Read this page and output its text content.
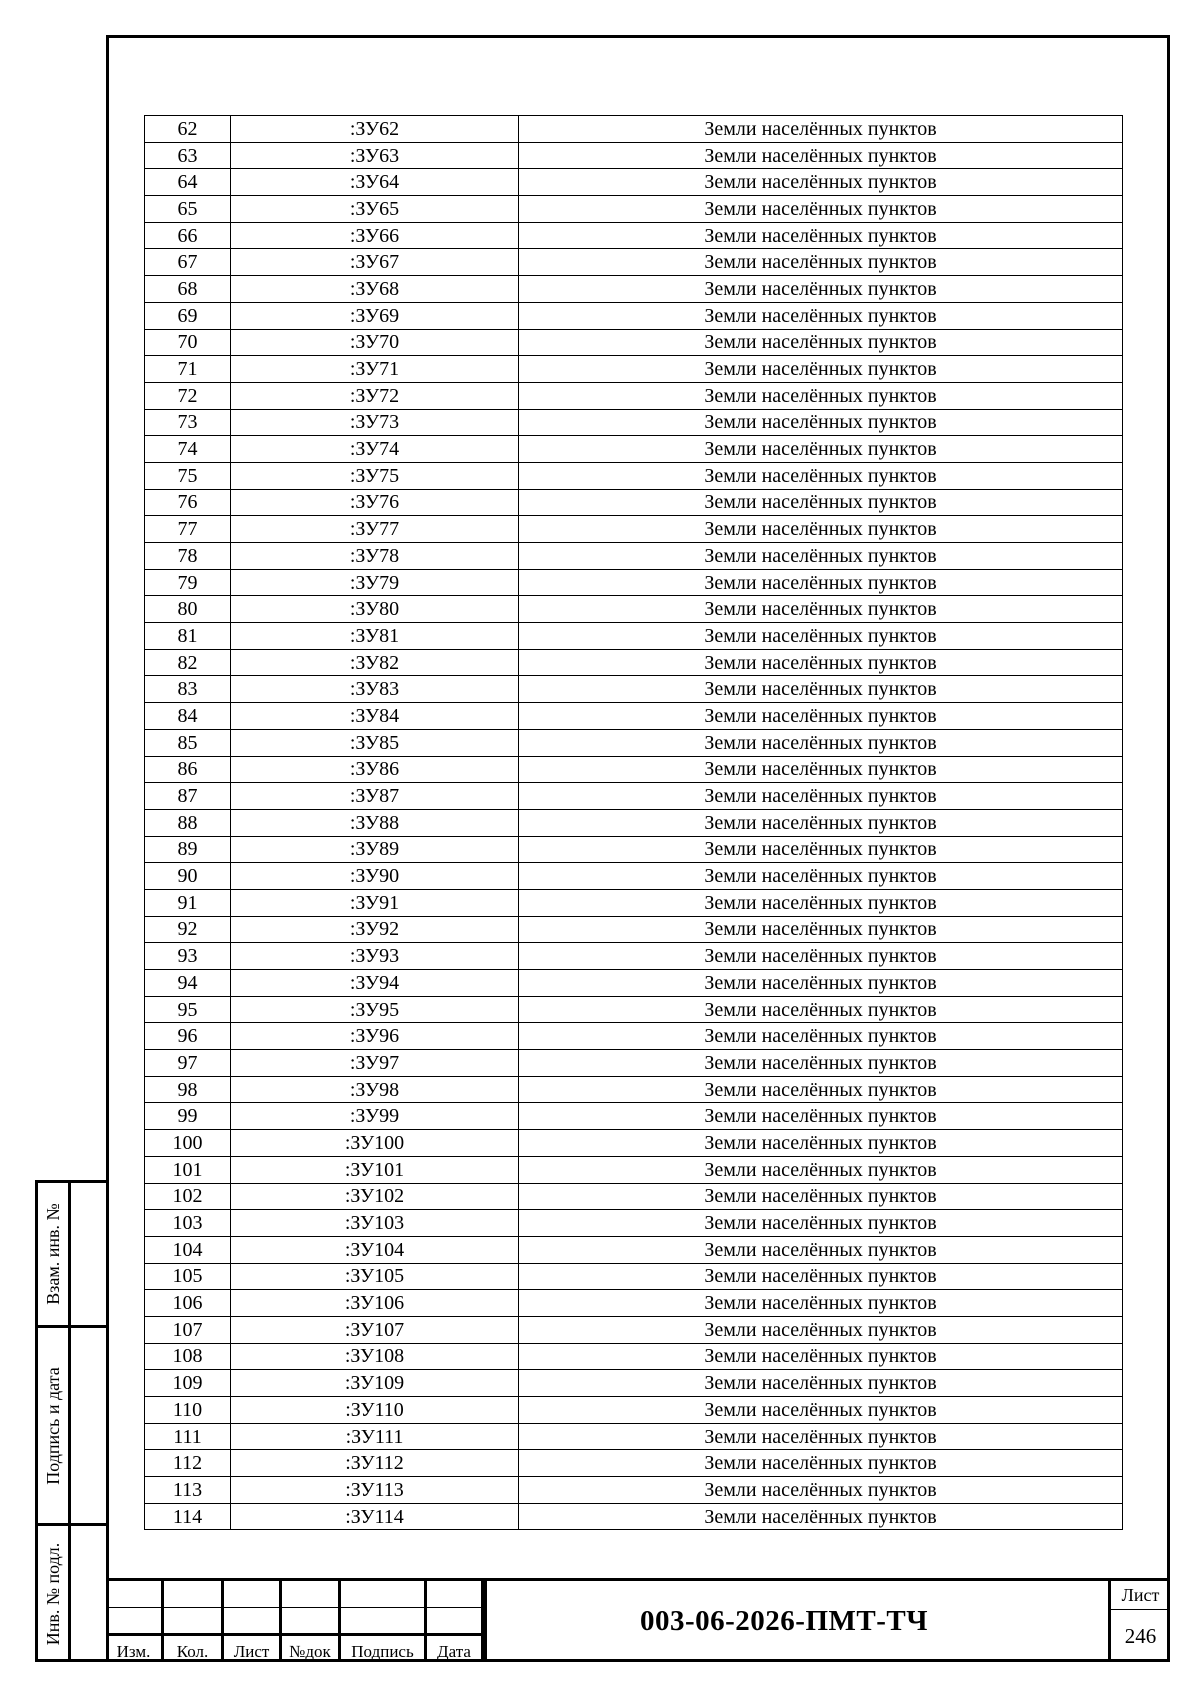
62	:ЗУ62	Земли населённых пунктов
63	:ЗУ63	Земли населённых пунктов
64	:ЗУ64	Земли населённых пунктов
65	:ЗУ65	Земли населённых пунктов
66	:ЗУ66	Земли населённых пунктов
67	:ЗУ67	Земли населённых пунктов
68	:ЗУ68	Земли населённых пунктов
69	:ЗУ69	Земли населённых пунктов
70	:ЗУ70	Земли населённых пунктов
71	:ЗУ71	Земли населённых пунктов
72	:ЗУ72	Земли населённых пунктов
73	:ЗУ73	Земли населённых пунктов
74	:ЗУ74	Земли населённых пунктов
75	:ЗУ75	Земли населённых пунктов
76	:ЗУ76	Земли населённых пунктов
77	:ЗУ77	Земли населённых пунктов
78	:ЗУ78	Земли населённых пунктов
79	:ЗУ79	Земли населённых пунктов
80	:ЗУ80	Земли населённых пунктов
81	:ЗУ81	Земли населённых пунктов
82	:ЗУ82	Земли населённых пунктов
83	:ЗУ83	Земли населённых пунктов
84	:ЗУ84	Земли населённых пунктов
85	:ЗУ85	Земли населённых пунктов
86	:ЗУ86	Земли населённых пунктов
87	:ЗУ87	Земли населённых пунктов
88	:ЗУ88	Земли населённых пунктов
89	:ЗУ89	Земли населённых пунктов
90	:ЗУ90	Земли населённых пунктов
91	:ЗУ91	Земли населённых пунктов
92	:ЗУ92	Земли населённых пунктов
93	:ЗУ93	Земли населённых пунктов
94	:ЗУ94	Земли населённых пунктов
95	:ЗУ95	Земли населённых пунктов
96	:ЗУ96	Земли населённых пунктов
97	:ЗУ97	Земли населённых пунктов
98	:ЗУ98	Земли населённых пунктов
99	:ЗУ99	Земли населённых пунктов
100	:ЗУ100	Земли населённых пунктов
101	:ЗУ101	Земли населённых пунктов
102	:ЗУ102	Земли населённых пунктов
103	:ЗУ103	Земли населённых пунктов
104	:ЗУ104	Земли населённых пунктов
105	:ЗУ105	Земли населённых пунктов
106	:ЗУ106	Земли населённых пунктов
107	:ЗУ107	Земли населённых пунктов
108	:ЗУ108	Земли населённых пунктов
109	:ЗУ109	Земли населённых пунктов
110	:ЗУ110	Земли населённых пунктов
111	:ЗУ111	Земли населённых пунктов
112	:ЗУ112	Земли населённых пунктов
113	:ЗУ113	Земли населённых пунктов
114	:ЗУ114	Земли населённых пунктов
Взам. инв. №
Подпись и дата
Инв. № подл.
Изм.	Кол.	Лист	№док	Подпись	Дата
003-06-2026-ПМТ-ТЧ
Лист
246
